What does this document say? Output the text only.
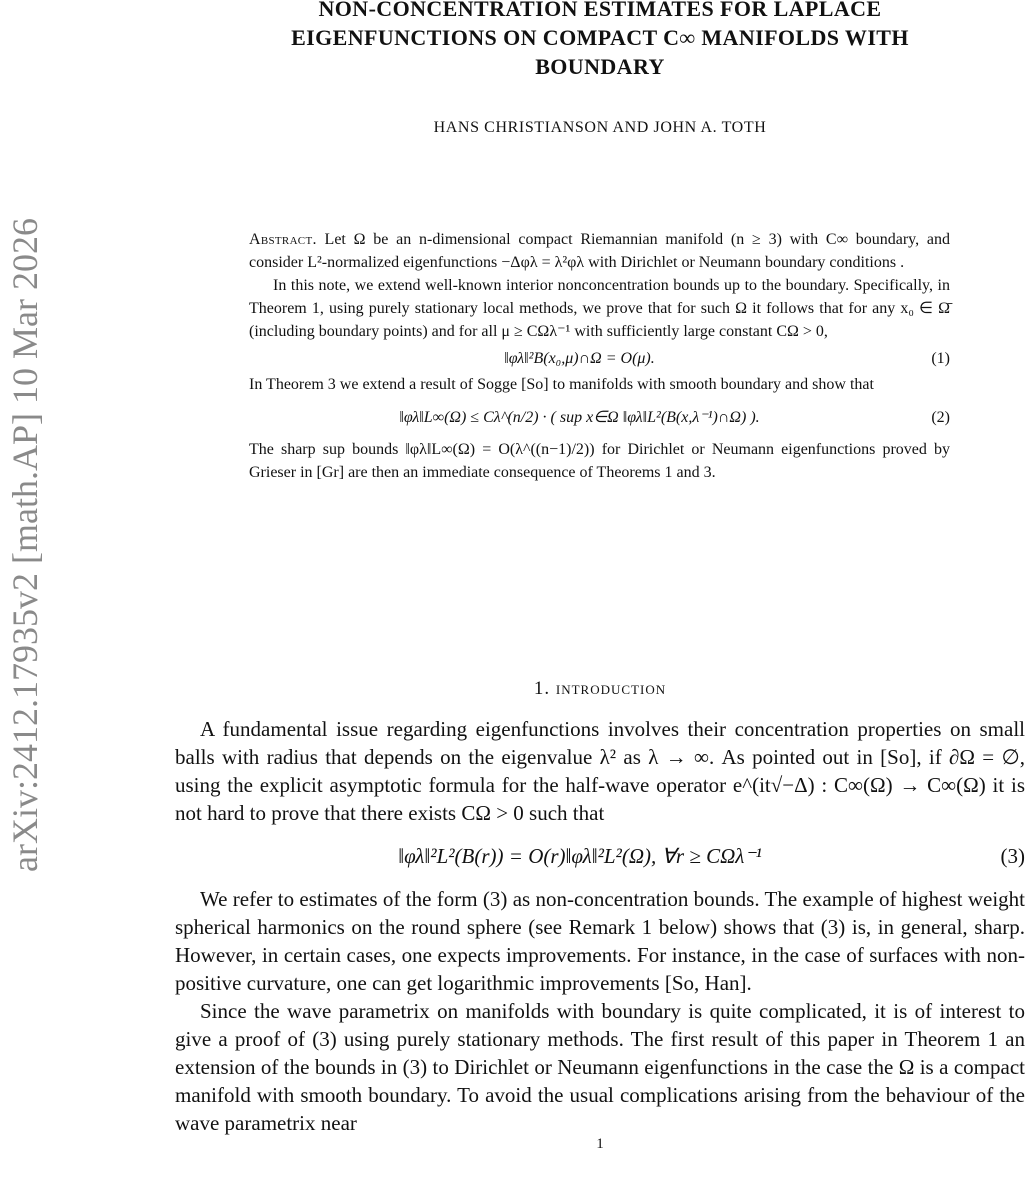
arXiv:2412.17935v2 [math.AP] 10 Mar 2026
NON-CONCENTRATION ESTIMATES FOR LAPLACE
EIGENFUNCTIONS ON COMPACT C∞ MANIFOLDS WITH
BOUNDARY
HANS CHRISTIANSON AND JOHN A. TOTH

Abstract. Let Ω be an n-dimensional compact Riemannian manifold (n ≥ 3) with C∞ boundary, and consider L²-normalized eigenfunctions −Δφλ = λ²φλ with Dirichlet or Neumann boundary conditions .

In this note, we extend well-known interior nonconcentration bounds up to the boundary. Specifically, in Theorem 1, using purely stationary local methods, we prove that for such Ω it follows that for any x₀ ∈ Ω̄ (including boundary points) and for all μ ≥ CΩλ⁻¹ with sufficiently large constant CΩ > 0,

‖φλ‖²B(x₀,μ)∩Ω = O(μ).	(1)

In Theorem 3 we extend a result of Sogge [So] to manifolds with smooth boundary and show that

‖φλ‖L∞(Ω) ≤ Cλ^(n/2) · ( sup x∈Ω ‖φλ‖L²(B(x,λ⁻¹)∩Ω) ).	(2)

The sharp sup bounds ‖φλ‖L∞(Ω) = O(λ^((n−1)/2)) for Dirichlet or Neumann eigenfunctions proved by Grieser in [Gr] are then an immediate consequence of Theorems 1 and 3.

1. introduction

A fundamental issue regarding eigenfunctions involves their concentration properties on small balls with radius that depends on the eigenvalue λ² as λ → ∞. As pointed out in [So], if ∂Ω = ∅, using the explicit asymptotic formula for the half-wave operator e^(it√−Δ) : C∞(Ω) → C∞(Ω) it is not hard to prove that there exists CΩ > 0 such that

‖φλ‖²L²(B(r)) = O(r)‖φλ‖²L²(Ω), ∀r ≥ CΩλ⁻¹	(3)

We refer to estimates of the form (3) as non-concentration bounds. The example of highest weight spherical harmonics on the round sphere (see Remark 1 below) shows that (3) is, in general, sharp. However, in certain cases, one expects improvements. For instance, in the case of surfaces with non-positive curvature, one can get logarithmic improvements [So, Han].

Since the wave parametrix on manifolds with boundary is quite complicated, it is of interest to give a proof of (3) using purely stationary methods. The first result of this paper in Theorem 1 an extension of the bounds in (3) to Dirichlet or Neumann eigenfunctions in the case the Ω is a compact manifold with smooth boundary. To avoid the usual complications arising from the behaviour of the wave parametrix near

1
